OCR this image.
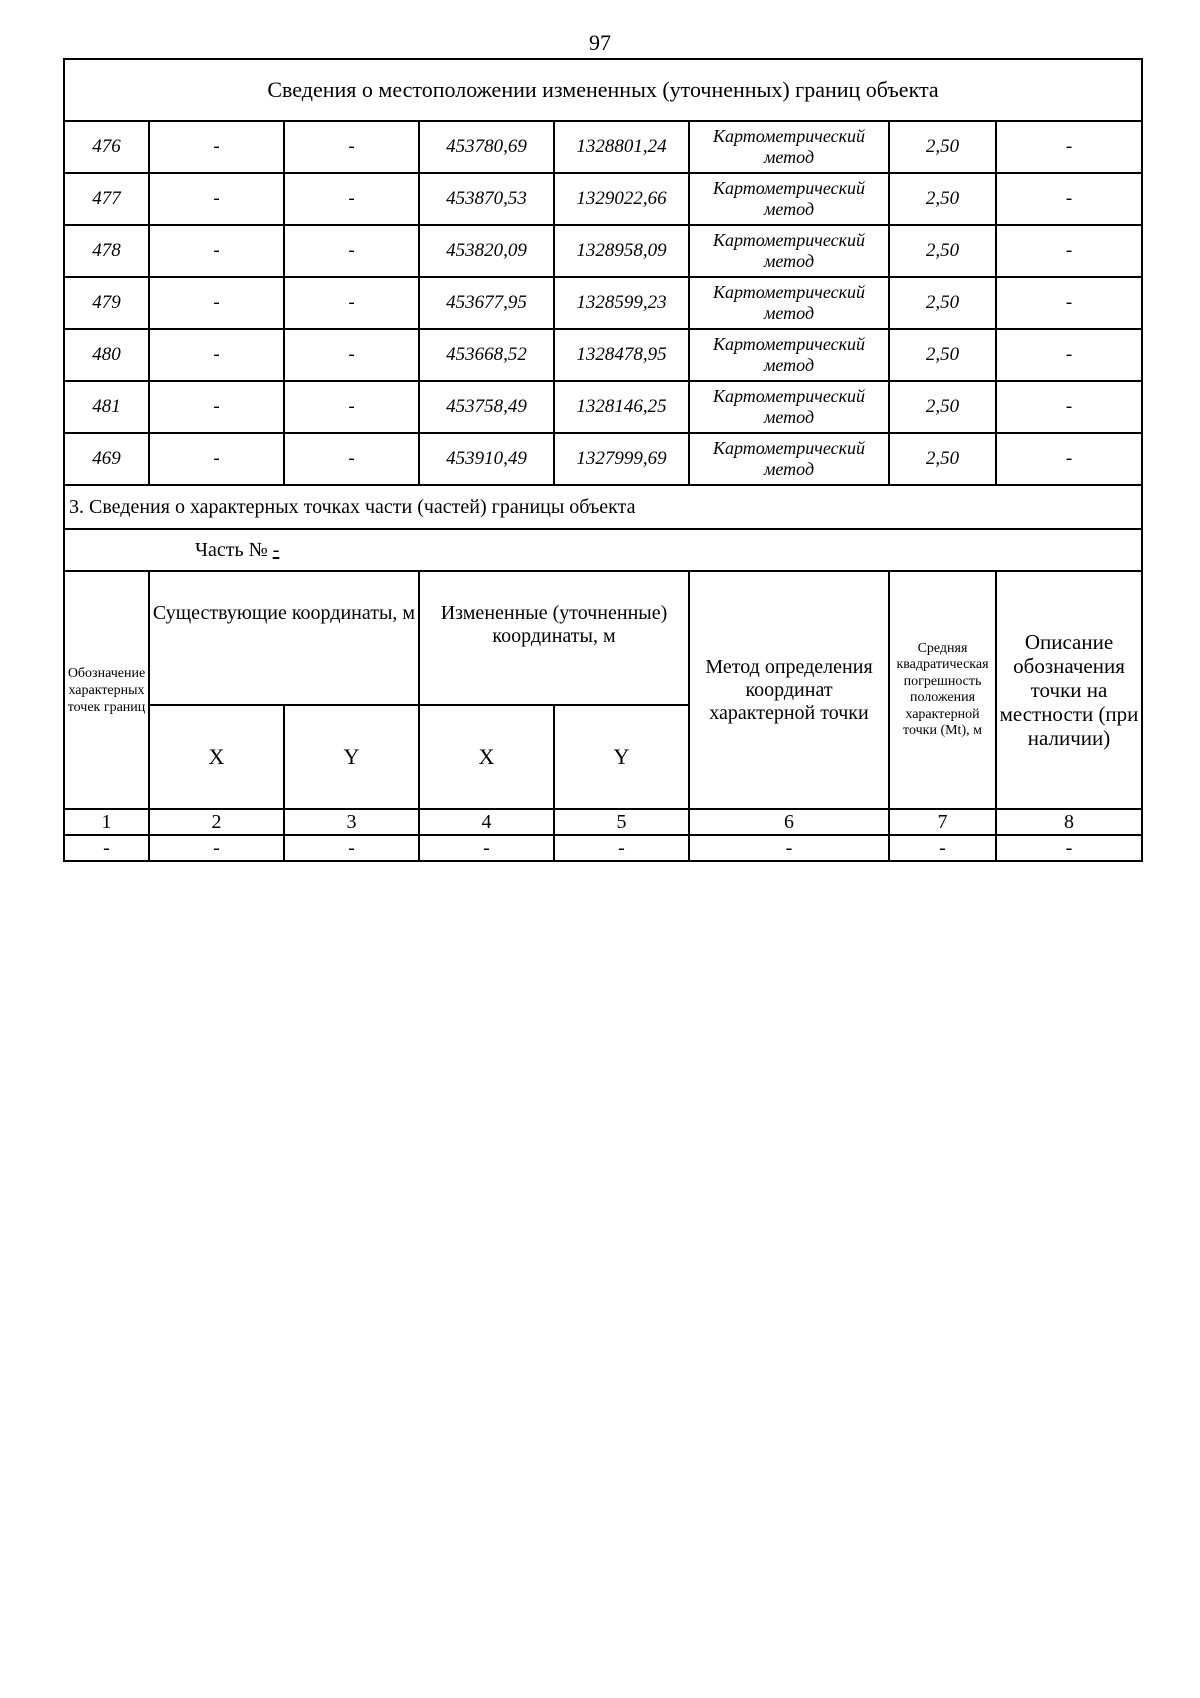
97
Сведения о местоположении измененных (уточненных) границ объекта							
476	-	-	453780,69	1328801,24	Картометрический метод	2,50	-
477	-	-	453870,53	1329022,66	Картометрический метод	2,50	-
478	-	-	453820,09	1328958,09	Картометрический метод	2,50	-
479	-	-	453677,95	1328599,23	Картометрический метод	2,50	-
480	-	-	453668,52	1328478,95	Картометрический метод	2,50	-
481	-	-	453758,49	1328146,25	Картометрический метод	2,50	-
469	-	-	453910,49	1327999,69	Картометрический метод	2,50	-
3. Сведения о характерных точках части (частей) границы объекта							
Часть № -							
Обозначение характерных точек границ	Существующие координаты, м		Измененные (уточненные) координаты, м		Метод определения координат характерной точки	Средняя квадратическая погрешность положения характерной точки (Mt), м	Описание обозначения точки на местности (при наличии)
	X	Y	X	Y			
1	2	3	4	5	6	7	8
-	-	-	-	-	-	-	-
